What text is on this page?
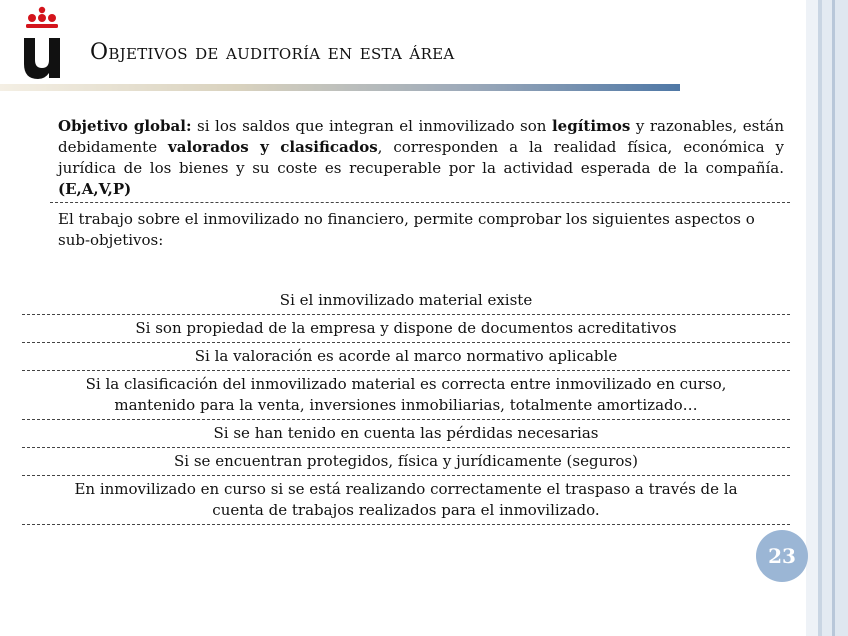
Objetivos de auditoría en esta área
Objetivo global: si los saldos que integran el inmovilizado son legítimos y razonables, están debidamente valorados y clasificados, corresponden a la realidad física, económica y jurídica de los bienes y su coste es recuperable por la actividad esperada de la compañía. (E,A,V,P)
El trabajo sobre el inmovilizado no financiero, permite comprobar los siguientes aspectos o sub-objetivos:
Si el inmovilizado material existe
Si son propiedad de la empresa y dispone de documentos acreditativos
Si la valoración es acorde al marco normativo aplicable
Si la clasificación del inmovilizado material es correcta entre inmovilizado en curso, mantenido para la venta, inversiones inmobiliarias, totalmente amortizado…
Si se han tenido en cuenta las pérdidas necesarias
Si se encuentran protegidos, física y jurídicamente (seguros)
En inmovilizado en curso si se está realizando correctamente el traspaso a través de la cuenta de trabajos realizados para el inmovilizado.
23
